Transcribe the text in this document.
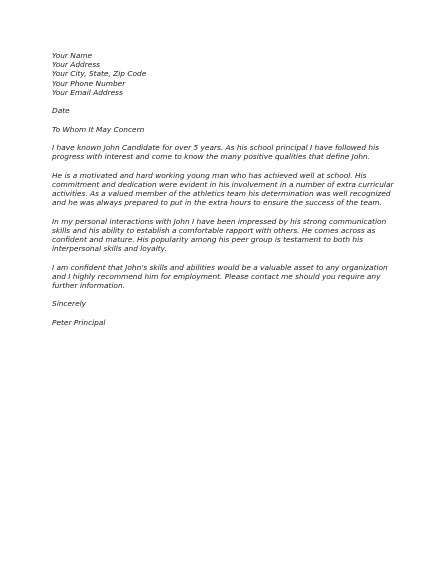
Your Name
Your Address
Your City, State, Zip Code
Your Phone Number
Your Email Address
Date
To Whom It May Concern
I have known John Candidate for over 5 years. As his school principal I have followed his
progress with interest and come to know the many positive qualities that define John.
He is a motivated and hard working young man who has achieved well at school. His
commitment and dedication were evident in his involvement in a number of extra curricular
activities. As a valued member of the athletics team his determination was well recognized
and he was always prepared to put in the extra hours to ensure the success of the team.
In my personal interactions with John I have been impressed by his strong communication
skills and his ability to establish a comfortable rapport with others. He comes across as
confident and mature. His popularity among his peer group is testament to both his
interpersonal skills and loyalty.
I am confident that John's skills and abilities would be a valuable asset to any organization
and I highly recommend him for employment. Please contact me should you require any
further information.
Sincerely
Peter Principal
